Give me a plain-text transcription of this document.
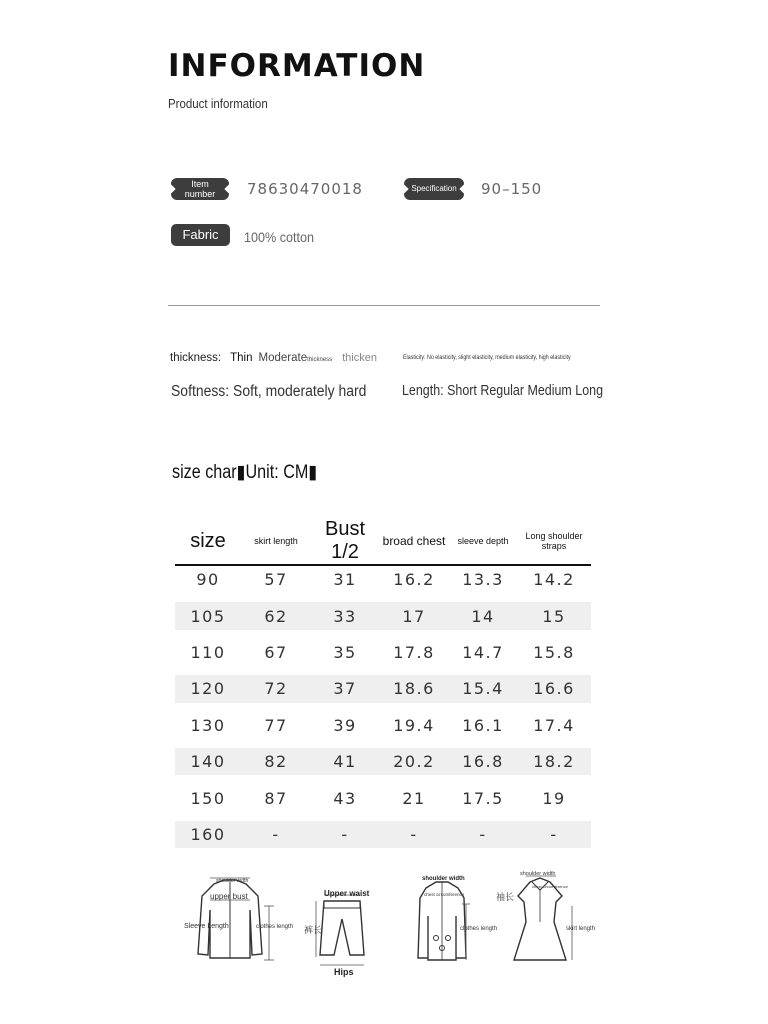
INFORMATION
Product information
Item number 78630470018	Specification 90–150
Fabric 100% cotton
thickness: Thin Moderate thickness thicken	Elasticity: No elasticity, slight elasticity, medium elasticity, high elasticity
Softness: Soft, moderately hard Length: Short Regular Medium Long
size char▮Unit: CM▮
size	skirt length	Bust 1/2	broad chest	sleeve depth	Long shoulder straps
90	57	31	16.2	13.3	14.2
105	62	33	17	14	15
110	67	35	17.8	14.7	15.8
120	72	37	18.6	15.4	16.6
130	77	39	19.4	16.1	17.4
140	82	41	20.2	16.8	18.2
150	87	43	21	17.5	19
160	-	-	-	-	-
shoulder width
upper bust
Sleeve Length	clothes length
Upper waist
裤长
Hips
shoulder width
chest circumference
clothes length
shoulder width
chest circumference
袖长
skirt length
